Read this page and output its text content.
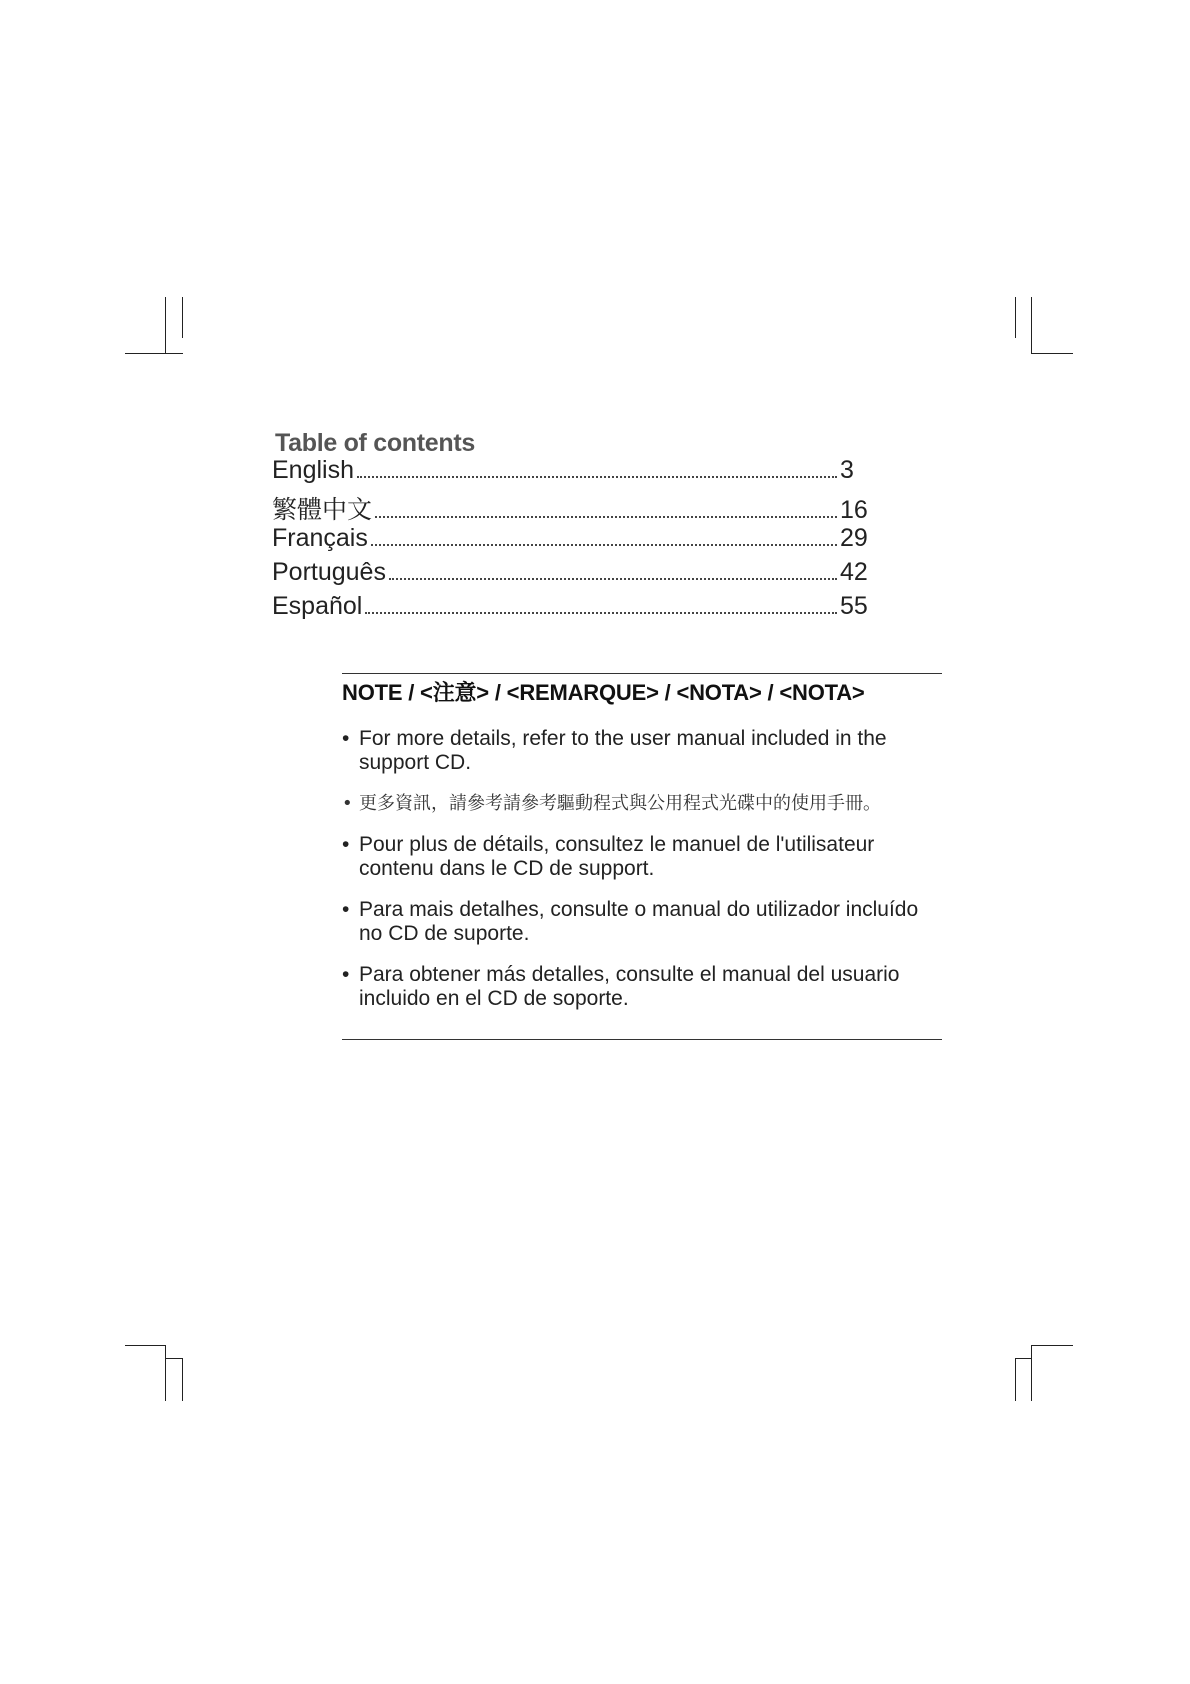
Table of contents
English	3
繁體中文	16
Français	29
Português	42
Español	55
NOTE / <注意> / <REMARQUE> / <NOTA> / <NOTA>
• For more details, refer to the user manual included in the support CD.
• 更多資訊，請參考請參考驅動程式與公用程式光碟中的使用手冊。
• Pour plus de détails, consultez le manuel de l'utilisateur contenu dans le CD de support.
• Para mais detalhes, consulte o manual do utilizador incluído no CD de suporte.
• Para obtener más detalles, consulte el manual del usuario incluido en el CD de soporte.
